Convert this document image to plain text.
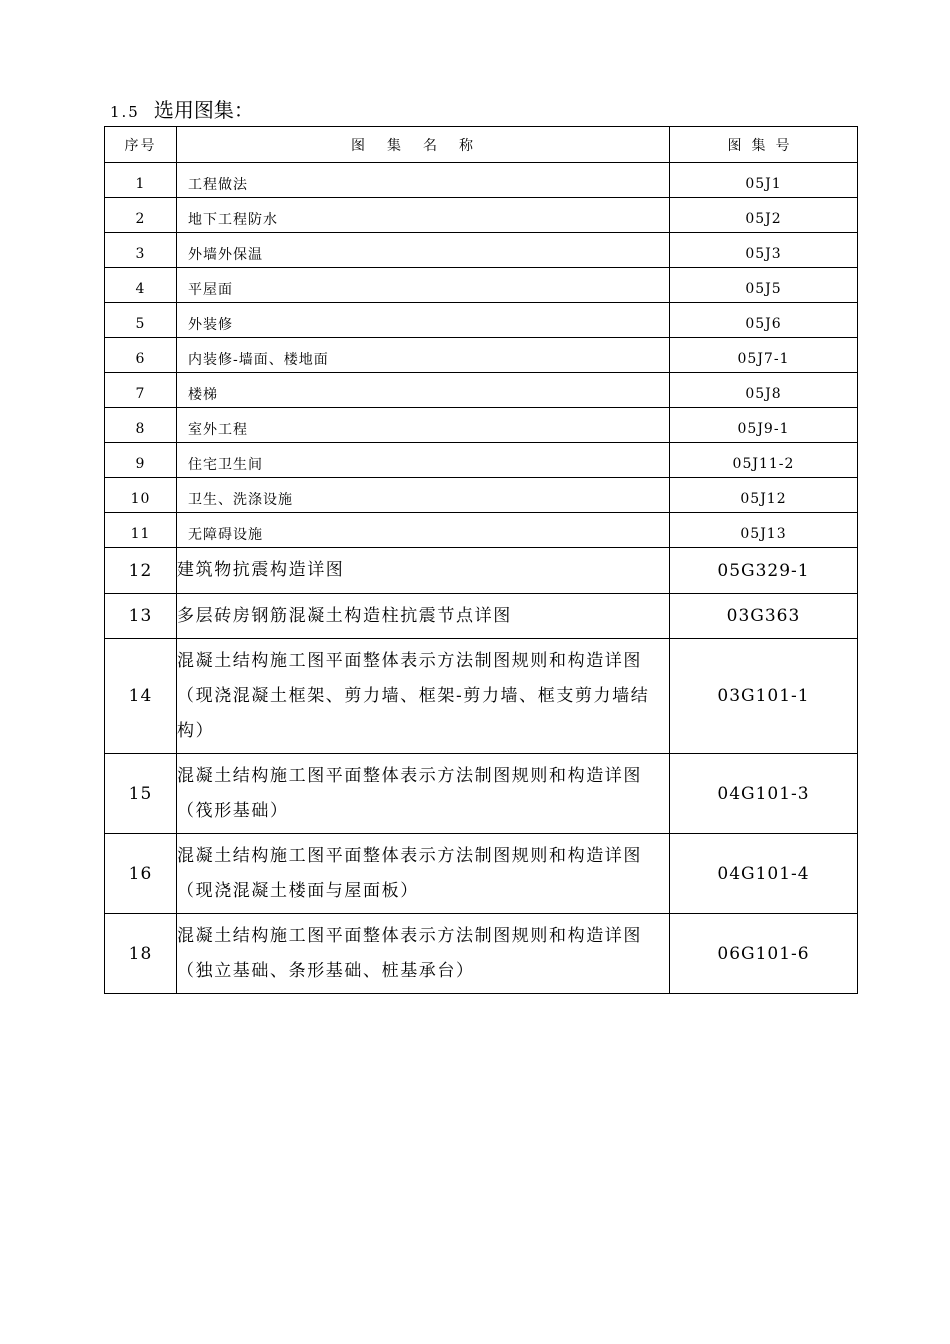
1.5 选用图集：
序号	图集名称	图集号
1	工程做法	05J1
2	地下工程防水	05J2
3	外墙外保温	05J3
4	平屋面	05J5
5	外装修	05J6
6	内装修-墙面、楼地面	05J7-1
7	楼梯	05J8
8	室外工程	05J9-1
9	住宅卫生间	05J11-2
10	卫生、洗涤设施	05J12
11	无障碍设施	05J13
12	建筑物抗震构造详图	05G329-1
13	多层砖房钢筋混凝土构造柱抗震节点详图	03G363
14	混凝土结构施工图平面整体表示方法制图规则和构造详图（现浇混凝土框架、剪力墙、框架-剪力墙、框支剪力墙结构）	03G101-1
15	混凝土结构施工图平面整体表示方法制图规则和构造详图（筏形基础）	04G101-3
16	混凝土结构施工图平面整体表示方法制图规则和构造详图（现浇混凝土楼面与屋面板）	04G101-4
18	混凝土结构施工图平面整体表示方法制图规则和构造详图（独立基础、条形基础、桩基承台）	06G101-6
